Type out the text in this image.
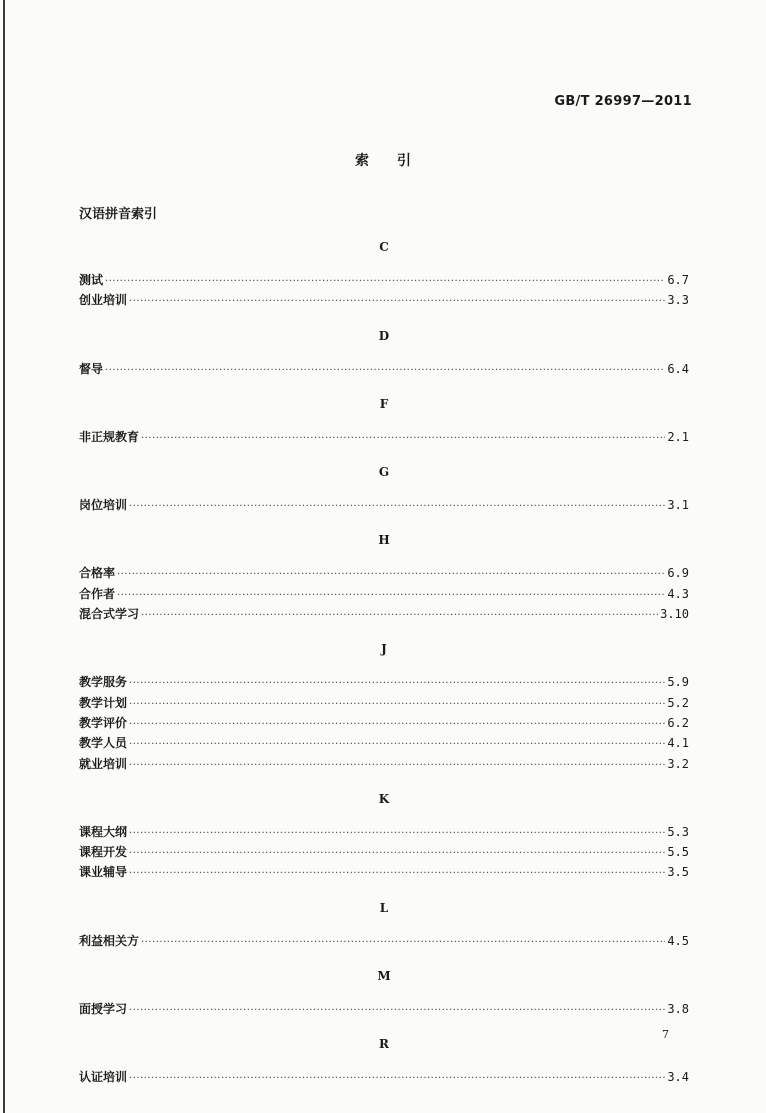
GB/T 26997—2011
索引
汉语拼音索引
C
测试 ·····	6.7
创业培训 ·····	3.3
D
督导 ·····	6.4
F
非正规教育 ·····	2.1
G
岗位培训 ·····	3.1
H
合格率 ·····	6.9
合作者 ·····	4.3
混合式学习 ·····	3.10
J
教学服务 ·····	5.9
教学计划 ·····	5.2
教学评价 ·····	6.2
教学人员 ·····	4.1
就业培训 ·····	3.2
K
课程大纲 ·····	5.3
课程开发 ·····	5.5
课业辅导 ·····	3.5
L
利益相关方 ·····	4.5
M
面授学习 ·····	3.8
R
认证培训 ·····	3.4
7
